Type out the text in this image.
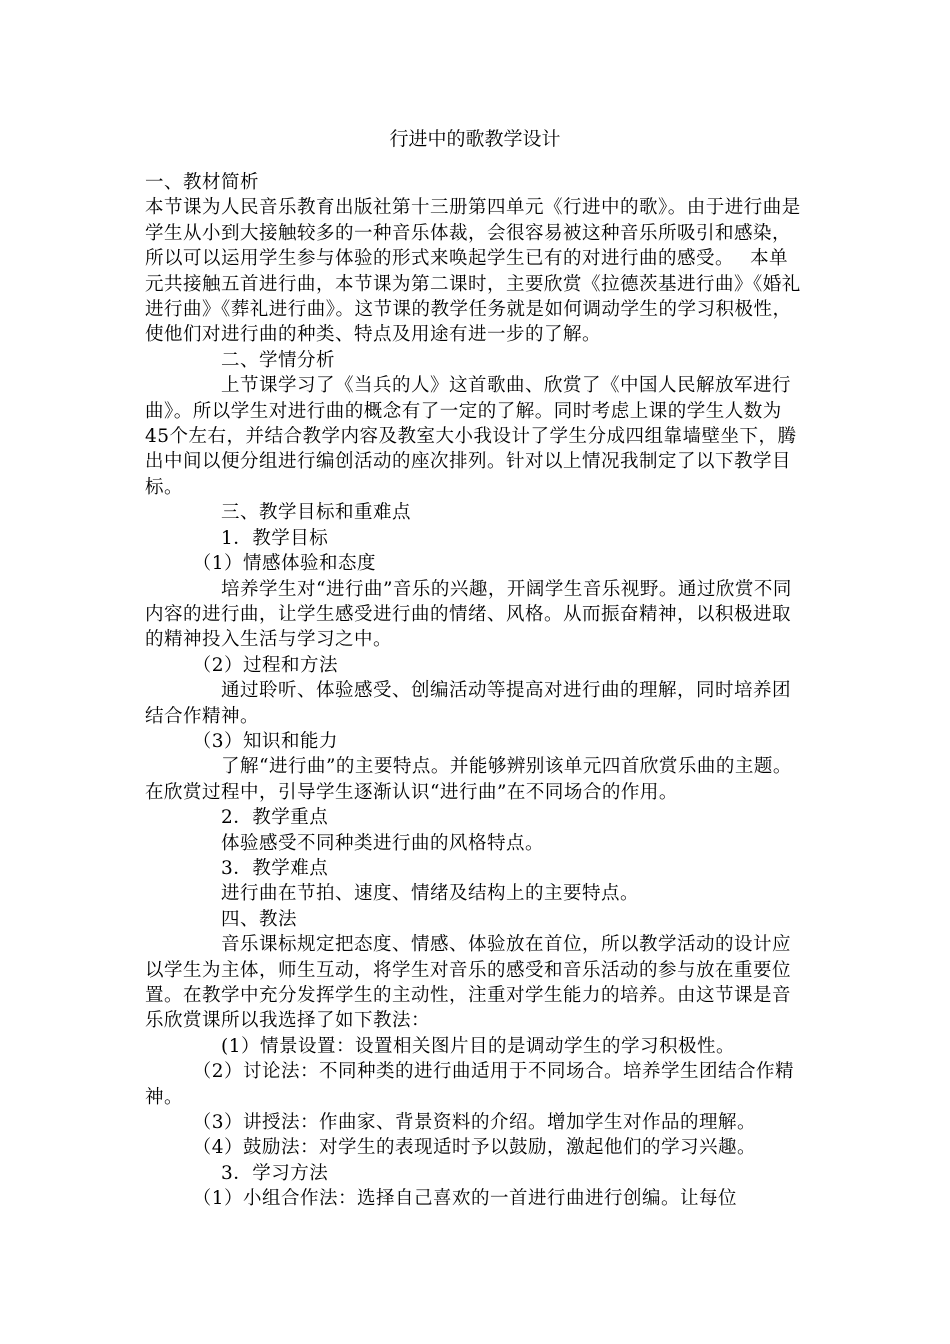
行进中的歌教学设计

一、教材简析

本节课为人民音乐教育出版社第十三册第四单元《行进中的歌》。由于进行曲是学生从小到大接触较多的一种音乐体裁，会很容易被这种音乐所吸引和感染，所以可以运用学生参与体验的形式来唤起学生已有的对进行曲的感受。　 本单元共接触五首进行曲，本节课为第二课时，主要欣赏《拉德茨基进行曲》《婚礼进行曲》《葬礼进行曲》。这节课的教学任务就是如何调动学生的学习积极性，使他们对进行曲的种类、特点及用途有进一步的了解。

　　　　二、学情分析

　　　　上节课学习了《当兵的人》这首歌曲、欣赏了《中国人民解放军进行曲》。所以学生对进行曲的概念有了一定的了解。同时考虑上课的学生人数为45个左右，并结合教学内容及教室大小我设计了学生分成四组靠墙壁坐下，腾出中间以便分组进行编创活动的座次排列。针对以上情况我制定了以下教学目标。

　　　　三、教学目标和重难点

　　　　1．教学目标

　　　（1）情感体验和态度

　　　　培养学生对“进行曲”音乐的兴趣，开阔学生音乐视野。通过欣赏不同内容的进行曲，让学生感受进行曲的情绪、风格。从而振奋精神，以积极进取的精神投入生活与学习之中。

　　　（2）过程和方法

　　　　通过聆听、体验感受、创编活动等提高对进行曲的理解，同时培养团结合作精神。

　　　（3）知识和能力

　　　　了解“进行曲”的主要特点。并能够辨别该单元四首欣赏乐曲的主题。在欣赏过程中，引导学生逐渐认识“进行曲”在不同场合的作用。

　　　　2．教学重点

　　　　体验感受不同种类进行曲的风格特点。

　　　　3．教学难点

　　　　进行曲在节拍、速度、情绪及结构上的主要特点。

　　　　四、教法

　　　　音乐课标规定把态度、情感、体验放在首位，所以教学活动的设计应以学生为主体，师生互动，将学生对音乐的感受和音乐活动的参与放在重要位置。在教学中充分发挥学生的主动性，注重对学生能力的培养。由这节课是音乐欣赏课所以我选择了如下教法：

　　　　(1）情景设置：设置相关图片目的是调动学生的学习积极性。

　　　（2）讨论法：不同种类的进行曲适用于不同场合。培养学生团结合作精神。

　　　（3）讲授法：作曲家、背景资料的介绍。增加学生对作品的理解。

　　　（4）鼓励法：对学生的表现适时予以鼓励，激起他们的学习兴趣。

　　　　3．学习方法

　　　（1）小组合作法：选择自己喜欢的一首进行曲进行创编。让每位
